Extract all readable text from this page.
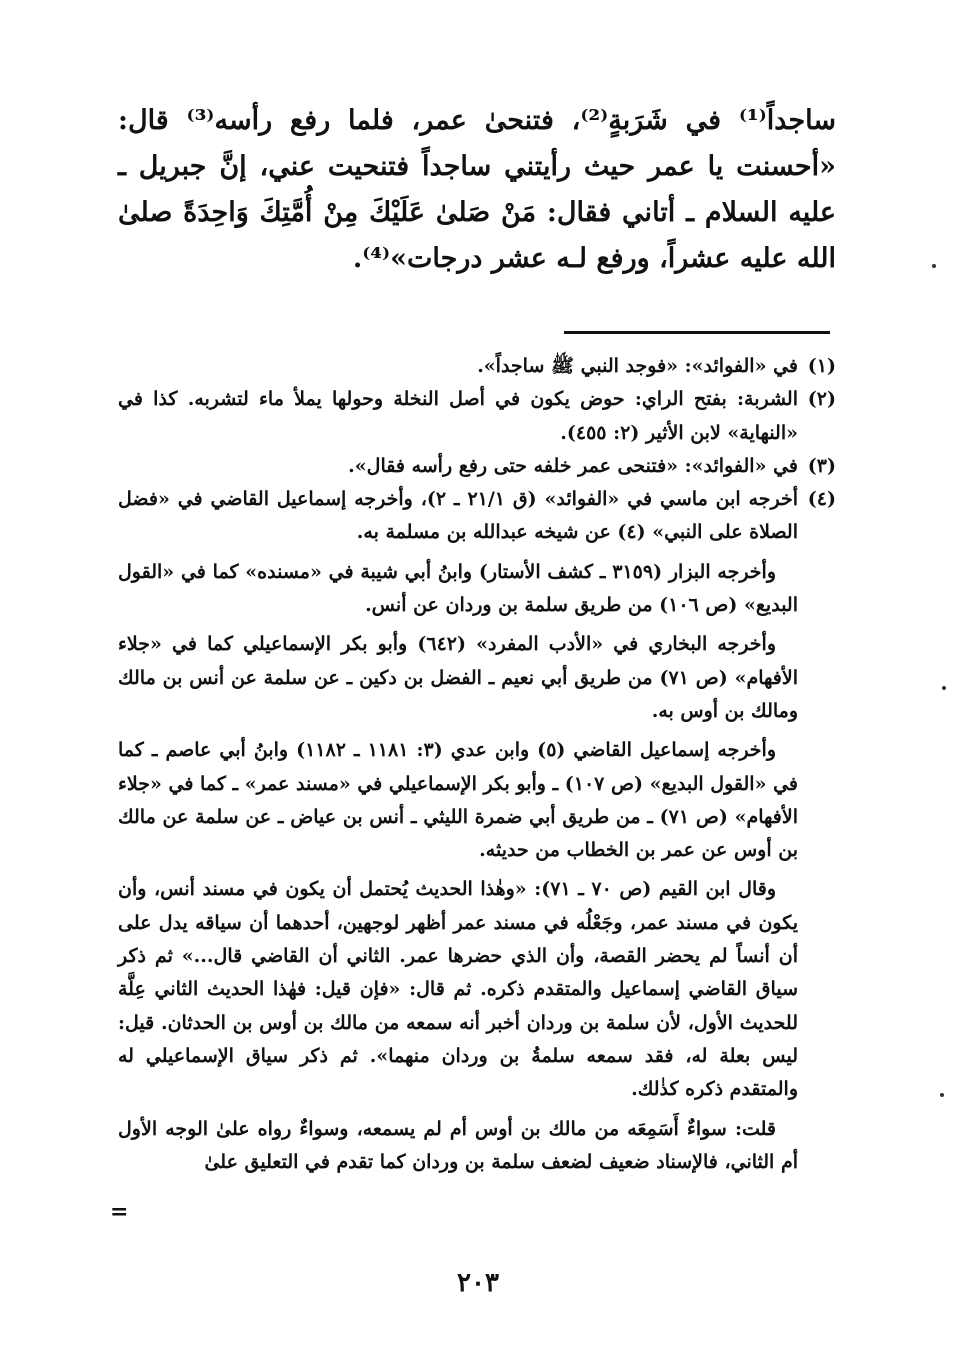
ساجداً⁽¹⁾ في شَرَبةٍ⁽²⁾، فتنحىٰ عمر، فلما رفع رأسه⁽³⁾ قال: «أحسنت يا عمر حيث رأيتني ساجداً فتنحيت عني، إنَّ جبريل ـ عليه السلام ـ أتاني فقال: مَنْ صَلىٰ عَلَيْكَ مِنْ أُمَّتِكَ وَاحِدَةً صلىٰ الله عليه عشراً، ورفع لـه عشر درجات»⁽⁴⁾.

(١)
في «الفوائد»: «فوجد النبي ﷺ ساجداً».
(٢)
الشربة: بفتح الراي: حوض يكون في أصل النخلة وحولها يملأ ماء لتشربه. كذا في «النهاية» لابن الأثير (٢: ٤٥٥).
(٣)
في «الفوائد»: «فتنحى عمر خلفه حتى رفع رأسه فقال».
(٤)
أخرجه ابن ماسي في «الفوائد» (ق ٢١/١ ـ ٢)، وأخرجه إسماعيل القاضي في «فضل الصلاة على النبي» (٤) عن شيخه عبدالله بن مسلمة به.

وأخرجه البزار (٣١٥٩ ـ كشف الأستار) وابنُ أبي شيبة في «مسنده» كما في «القول البديع» (ص ١٠٦) من طريق سلمة بن وردان عن أنس.

وأخرجه البخاري في «الأدب المفرد» (٦٤٢) وأبو بكر الإسماعيلي كما في «جلاء الأفهام» (ص ٧١) من طريق أبي نعيم ـ الفضل بن دكين ـ عن سلمة عن أنس بن مالك ومالك بن أوس به.

وأخرجه إسماعيل القاضي (٥) وابن عدي (٣: ١١٨١ ـ ١١٨٢) وابنُ أبي عاصم ـ كما في «القول البديع» (ص ١٠٧) ـ وأبو بكر الإسماعيلي في «مسند عمر» ـ كما في «جلاء الأفهام» (ص ٧١) ـ من طريق أبي ضمرة الليثي ـ أنس بن عياض ـ عن سلمة عن مالك بن أوس عن عمر بن الخطاب من حديثه.

وقال ابن القيم (ص ٧٠ ـ ٧١): «وهٰذا الحديث يُحتمل أن يكون في مسند أنس، وأن يكون في مسند عمر، وجَعْلُه في مسند عمر أظهر لوجهين، أحدهما أن سياقه يدل على أن أنساً لم يحضر القصة، وأن الذي حضرها عمر. الثاني أن القاضي قال...» ثم ذكر سياق القاضي إسماعيل والمتقدم ذكره. ثم قال: «فإن قيل: فهٰذا الحديث الثاني عِلَّة للحديث الأول، لأن سلمة بن وردان أخبر أنه سمعه من مالك بن أوس بن الحدثان. قيل: ليس بعلة له، فقد سمعه سلمةُ بن وردان منهما». ثم ذكر سياق الإسماعيلي له والمتقدم ذكره كذٰلك.

قلت: سواءٌ أَسَمِعَه من مالك بن أوس أم لم يسمعه، وسواءٌ رواه علىٰ الوجه الأول أم الثاني، فالإسناد ضعيف لضعف سلمة بن وردان كما تقدم في التعليق علىٰ

=
٢٠٣
